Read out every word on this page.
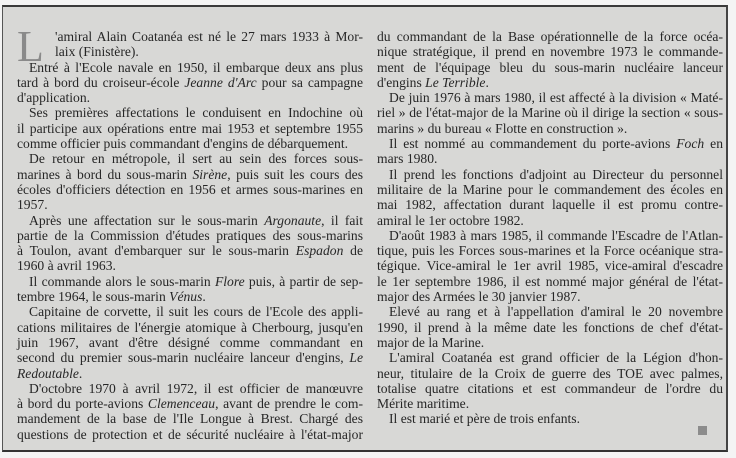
L 'amiral Alain Coatanéa est né le 27 mars 1933 à Mor-
laix (Finistère).
Entré à l'Ecole navale en 1950, il embarque deux ans plus
tard à bord du croiseur-école Jeanne d'Arc pour sa campagne
d'application.
Ses premières affectations le conduisent en Indochine où
il participe aux opérations entre mai 1953 et septembre 1955
comme officier puis commandant d'engins de débarquement.
De retour en métropole, il sert au sein des forces sous-
marines à bord du sous-marin Sirène, puis suit les cours des
écoles d'officiers détection en 1956 et armes sous-marines en
1957.
Après une affectation sur le sous-marin Argonaute, il fait
partie de la Commission d'études pratiques des sous-marins
à Toulon, avant d'embarquer sur le sous-marin Espadon de
1960 à avril 1963.
Il commande alors le sous-marin Flore puis, à partir de sep-
tembre 1964, le sous-marin Vénus.
Capitaine de corvette, il suit les cours de l'Ecole des appli-
cations militaires de l'énergie atomique à Cherbourg, jusqu'en
juin 1967, avant d'être désigné comme commandant en
second du premier sous-marin nucléaire lanceur d'engins, Le
Redoutable.
D'octobre 1970 à avril 1972, il est officier de manœuvre
à bord du porte-avions Clemenceau, avant de prendre le com-
mandement de la base de l'Ile Longue à Brest. Chargé des
questions de protection et de sécurité nucléaire à l'état-major
du commandant de la Base opérationnelle de la force océa-
nique stratégique, il prend en novembre 1973 le commande-
ment de l'équipage bleu du sous-marin nucléaire lanceur
d'engins Le Terrible.
De juin 1976 à mars 1980, il est affecté à la division « Maté-
riel » de l'état-major de la Marine où il dirige la section « sous-
marins » du bureau « Flotte en construction ».
Il est nommé au commandement du porte-avions Foch en
mars 1980.
Il prend les fonctions d'adjoint au Directeur du personnel
militaire de la Marine pour le commandement des écoles en
mai 1982, affectation durant laquelle il est promu contre-
amiral le 1er octobre 1982.
D'août 1983 à mars 1985, il commande l'Escadre de l'Atlan-
tique, puis les Forces sous-marines et la Force océanique stra-
tégique. Vice-amiral le 1er avril 1985, vice-amiral d'escadre
le 1er septembre 1986, il est nommé major général de l'état-
major des Armées le 30 janvier 1987.
Elevé au rang et à l'appellation d'amiral le 20 novembre
1990, il prend à la même date les fonctions de chef d'état-
major de la Marine.
L'amiral Coatanéa est grand officier de la Légion d'hon-
neur, titulaire de la Croix de guerre des TOE avec palmes,
totalise quatre citations et est commandeur de l'ordre du
Mérite maritime.
Il est marié et père de trois enfants.
